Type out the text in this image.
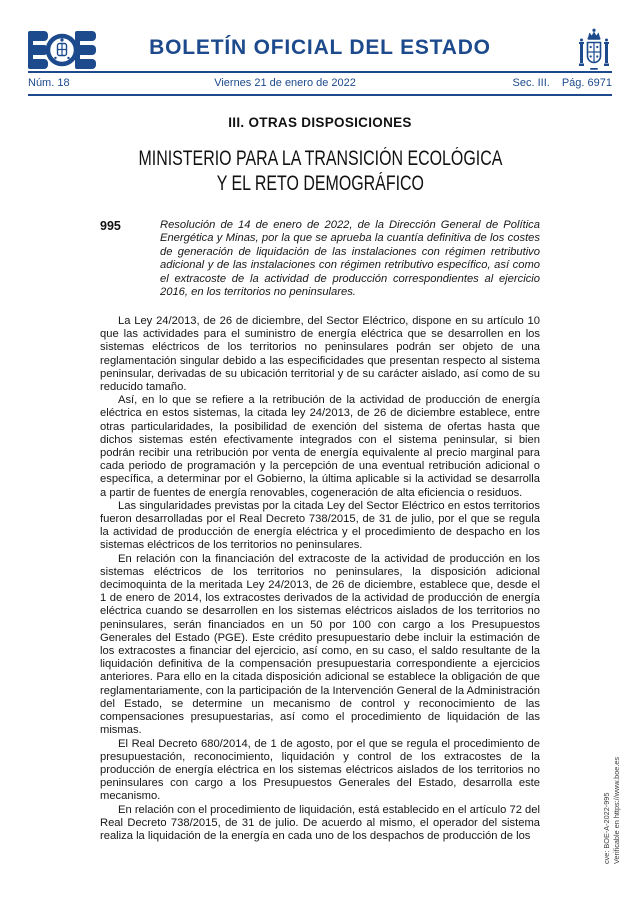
BOLETÍN OFICIAL DEL ESTADO
Núm. 18	Viernes 21 de enero de 2022	Sec. III. Pág. 6971
III. OTRAS DISPOSICIONES
MINISTERIO PARA LA TRANSICIÓN ECOLÓGICA
Y EL RETO DEMOGRÁFICO
995	Resolución de 14 de enero de 2022, de la Dirección General de Política Energética y Minas, por la que se aprueba la cuantía definitiva de los costes de generación de liquidación de las instalaciones con régimen retributivo adicional y de las instalaciones con régimen retributivo específico, así como el extracoste de la actividad de producción correspondientes al ejercicio 2016, en los territorios no peninsulares.

La Ley 24/2013, de 26 de diciembre, del Sector Eléctrico, dispone en su artículo 10 que las actividades para el suministro de energía eléctrica que se desarrollen en los sistemas eléctricos de los territorios no peninsulares podrán ser objeto de una reglamentación singular debido a las especificidades que presentan respecto al sistema peninsular, derivadas de su ubicación territorial y de su carácter aislado, así como de su reducido tamaño.

Así, en lo que se refiere a la retribución de la actividad de producción de energía eléctrica en estos sistemas, la citada ley 24/2013, de 26 de diciembre establece, entre otras particularidades, la posibilidad de exención del sistema de ofertas hasta que dichos sistemas estén efectivamente integrados con el sistema peninsular, si bien podrán recibir una retribución por venta de energía equivalente al precio marginal para cada periodo de programación y la percepción de una eventual retribución adicional o específica, a determinar por el Gobierno, la última aplicable si la actividad se desarrolla a partir de fuentes de energía renovables, cogeneración de alta eficiencia o residuos.

Las singularidades previstas por la citada Ley del Sector Eléctrico en estos territorios fueron desarrolladas por el Real Decreto 738/2015, de 31 de julio, por el que se regula la actividad de producción de energía eléctrica y el procedimiento de despacho en los sistemas eléctricos de los territorios no peninsulares.

En relación con la financiación del extracoste de la actividad de producción en los sistemas eléctricos de los territorios no peninsulares, la disposición adicional decimoquinta de la meritada Ley 24/2013, de 26 de diciembre, establece que, desde el 1 de enero de 2014, los extracostes derivados de la actividad de producción de energía eléctrica cuando se desarrollen en los sistemas eléctricos aislados de los territorios no peninsulares, serán financiados en un 50 por 100 con cargo a los Presupuestos Generales del Estado (PGE). Este crédito presupuestario debe incluir la estimación de los extracostes a financiar del ejercicio, así como, en su caso, el saldo resultante de la liquidación definitiva de la compensación presupuestaria correspondiente a ejercicios anteriores. Para ello en la citada disposición adicional se establece la obligación de que reglamentariamente, con la participación de la Intervención General de la Administración del Estado, se determine un mecanismo de control y reconocimiento de las compensaciones presupuestarias, así como el procedimiento de liquidación de las mismas.

El Real Decreto 680/2014, de 1 de agosto, por el que se regula el procedimiento de presupuestación, reconocimiento, liquidación y control de los extracostes de la producción de energía eléctrica en los sistemas eléctricos aislados de los territorios no peninsulares con cargo a los Presupuestos Generales del Estado, desarrolla este mecanismo.

En relación con el procedimiento de liquidación, está establecido en el artículo 72 del Real Decreto 738/2015, de 31 de julio. De acuerdo al mismo, el operador del sistema realiza la liquidación de la energía en cada uno de los despachos de producción de los	cve: BOE-A-2022-995 Verificable en https://www.boe.es
